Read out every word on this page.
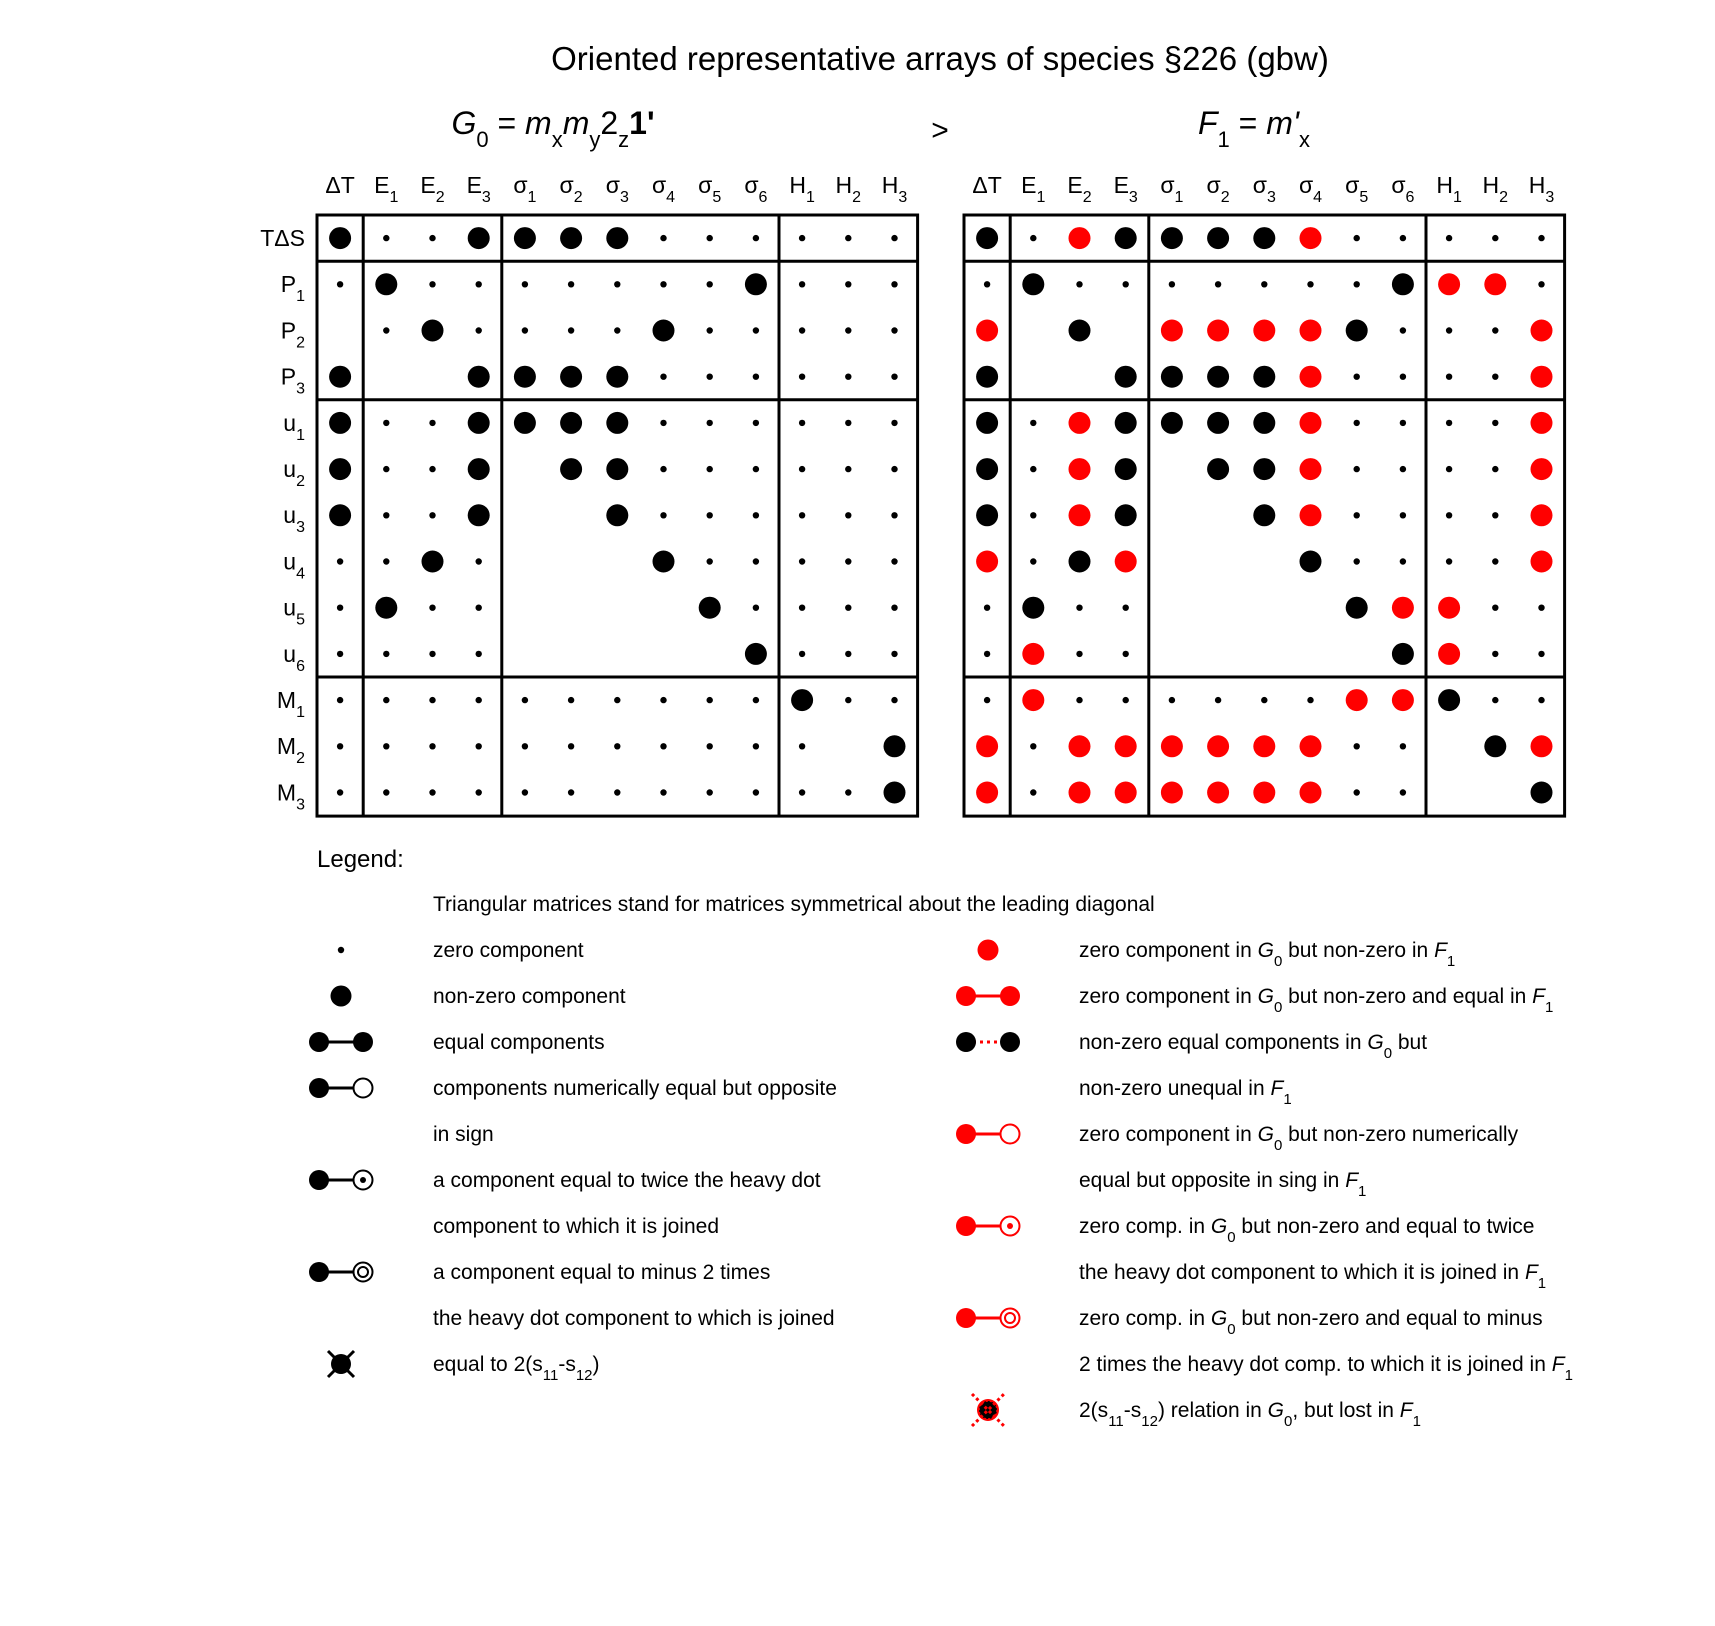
Oriented representative arrays of species §226 (gbw)
$G_0 = m_xm_y2_z1'$	>	$F_1 = m'_x$
ΔT $E_1$ $E_2$ $E_3$ $\sigma_1$ $\sigma_2$ $\sigma_3$ $\sigma_4$ $\sigma_5$ $\sigma_6$ $H_1$ $H_2$ $H_3$
TΔS
$P_1$
$P_2$
$P_3$
$u_1$
$u_2$
$u_3$
$u_4$
$u_5$
$u_6$
$M_1$
$M_2$
$M_3$
ΔT $E_1$ $E_2$ $E_3$ $\sigma_1$ $\sigma_2$ $\sigma_3$ $\sigma_4$ $\sigma_5$ $\sigma_6$ $H_1$ $H_2$ $H_3$
Legend:
Triangular matrices stand for matrices symmetrical about the leading diagonal
zero component
non-zero component
equal components
components numerically equal but opposite
in sign
a component equal to twice the heavy dot
component to which it is joined
a component equal to minus 2 times
the heavy dot component to which is joined
equal to $2(s_{11}-s_{12})$
zero component in $G_0$ but non-zero in $F_1$
zero component in $G_0$ but non-zero and equal in $F_1$
non-zero equal components in $G_0$ but
non-zero unequal in $F_1$
zero component in $G_0$ but non-zero numerically
equal but opposite in sing in $F_1$
zero comp. in $G_0$ but non-zero and equal to twice
the heavy dot component to which it is joined in $F_1$
zero comp. in $G_0$ but non-zero and equal to minus
2 times the heavy dot comp. to which it is joined in $F_1$
$2(s_{11}-s_{12})$ relation in $G_0$, but lost in $F_1$
